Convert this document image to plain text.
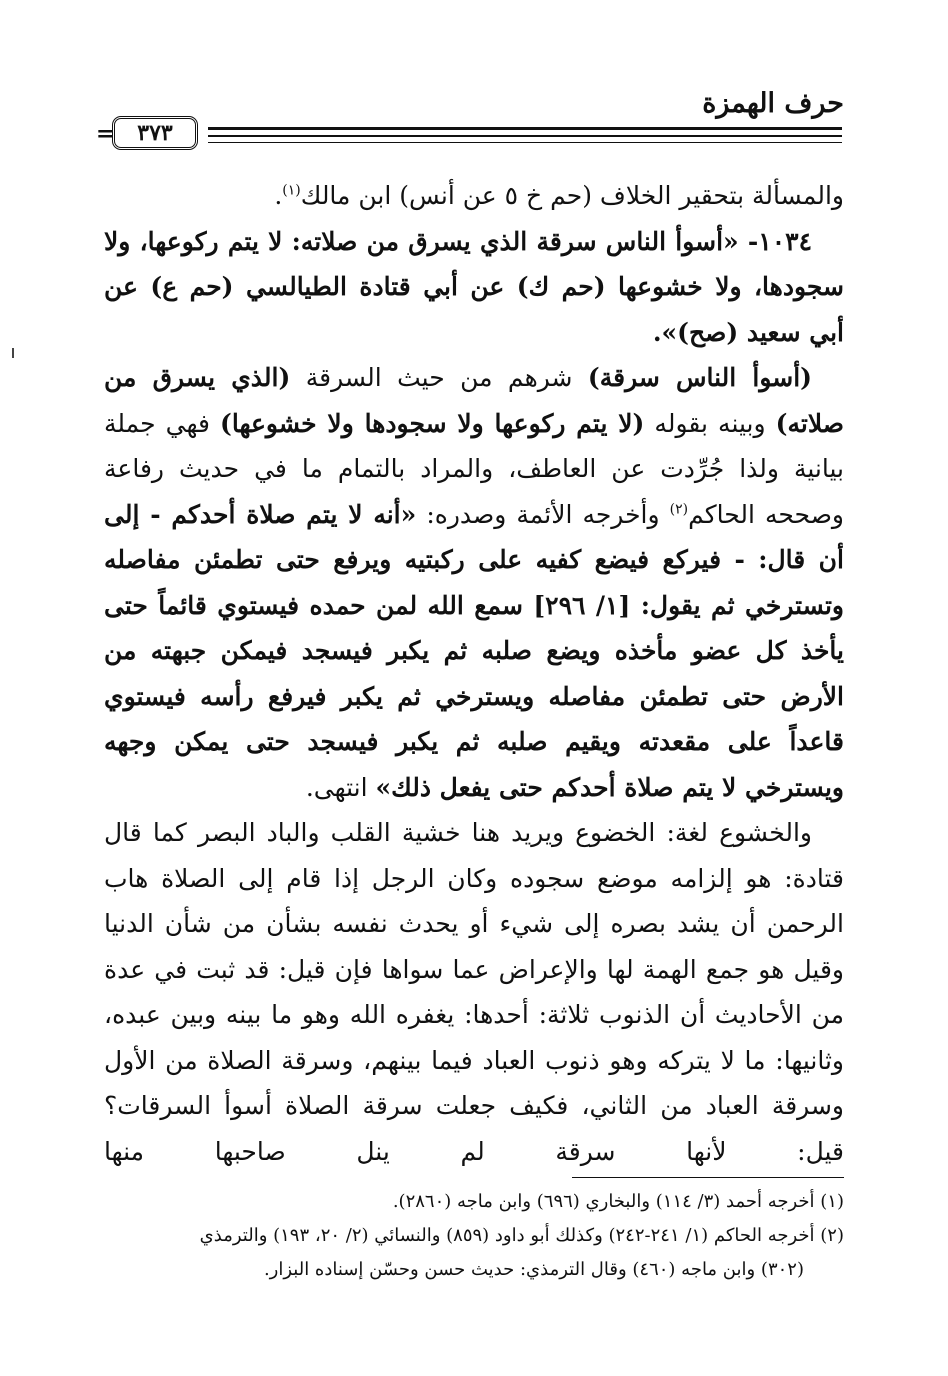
حرف الهمزة
=	٣٧٣

والمسألة بتحقير الخلاف (حم خ ٥ عن أنس) ابن مالك$^{(١)}$.

١٠٣٤- «أسوأ الناس سرقة الذي يسرق من صلاته: لا يتم ركوعها، ولا سجودها، ولا خشوعها (حم ك) عن أبي قتادة الطيالسي (حم ع) عن أبي سعيد (صح)».

(أسوأ الناس سرقة) شرهم من حيث السرقة (الذي يسرق من صلاته) وبينه بقوله (لا يتم ركوعها ولا سجودها ولا خشوعها) فهي جملة بيانية ولذا جُرِّدت عن العاطف، والمراد بالتمام ما في حديث رفاعة وصححه الحاكم$^{(٢)}$ وأخرجه الأئمة وصدره: «أنه لا يتم صلاة أحدكم - إلى أن قال: - فيركع فيضع كفيه على ركبتيه ويرفع حتى تطمئن مفاصله وتسترخي ثم يقول: [١/ ٢٩٦] سمع الله لمن حمده فيستوي قائماً حتى يأخذ كل عضو مأخذه ويضع صلبه ثم يكبر فيسجد فيمكن جبهته من الأرض حتى تطمئن مفاصله ويسترخي ثم يكبر فيرفع رأسه فيستوي قاعداً على مقعدته ويقيم صلبه ثم يكبر فيسجد حتى يمكن وجهه ويسترخي لا يتم صلاة أحدكم حتى يفعل ذلك» انتهى.

والخشوع لغة: الخضوع ويريد هنا خشية القلب والباد البصر كما قال قتادة: هو إلزامه موضع سجوده وكان الرجل إذا قام إلى الصلاة هاب الرحمن أن يشد بصره إلى شيء أو يحدث نفسه بشأن من شأن الدنيا وقيل هو جمع الهمة لها والإعراض عما سواها فإن قيل: قد ثبت في عدة من الأحاديث أن الذنوب ثلاثة: أحدها: يغفره الله وهو ما بينه وبين عبده، وثانيها: ما لا يتركه وهو ذنوب العباد فيما بينهم، وسرقة الصلاة من الأول وسرقة العباد من الثاني، فكيف جعلت سرقة الصلاة أسوأ السرقات؟ قيل: لأنها سرقة لم ينل صاحبها منها

(١) أخرجه أحمد (٣/ ١١٤) والبخاري (٦٩٦) وابن ماجه (٢٨٦٠).

(٢) أخرجه الحاكم (١/ ٢٤١-٢٤٢) وكذلك أبو داود (٨٥٩) والنسائي (٢/ ٢٠، ١٩٣) والترمذي

(٣٠٢) وابن ماجه (٤٦٠) وقال الترمذي: حديث حسن وحسّن إسناده البزار.
